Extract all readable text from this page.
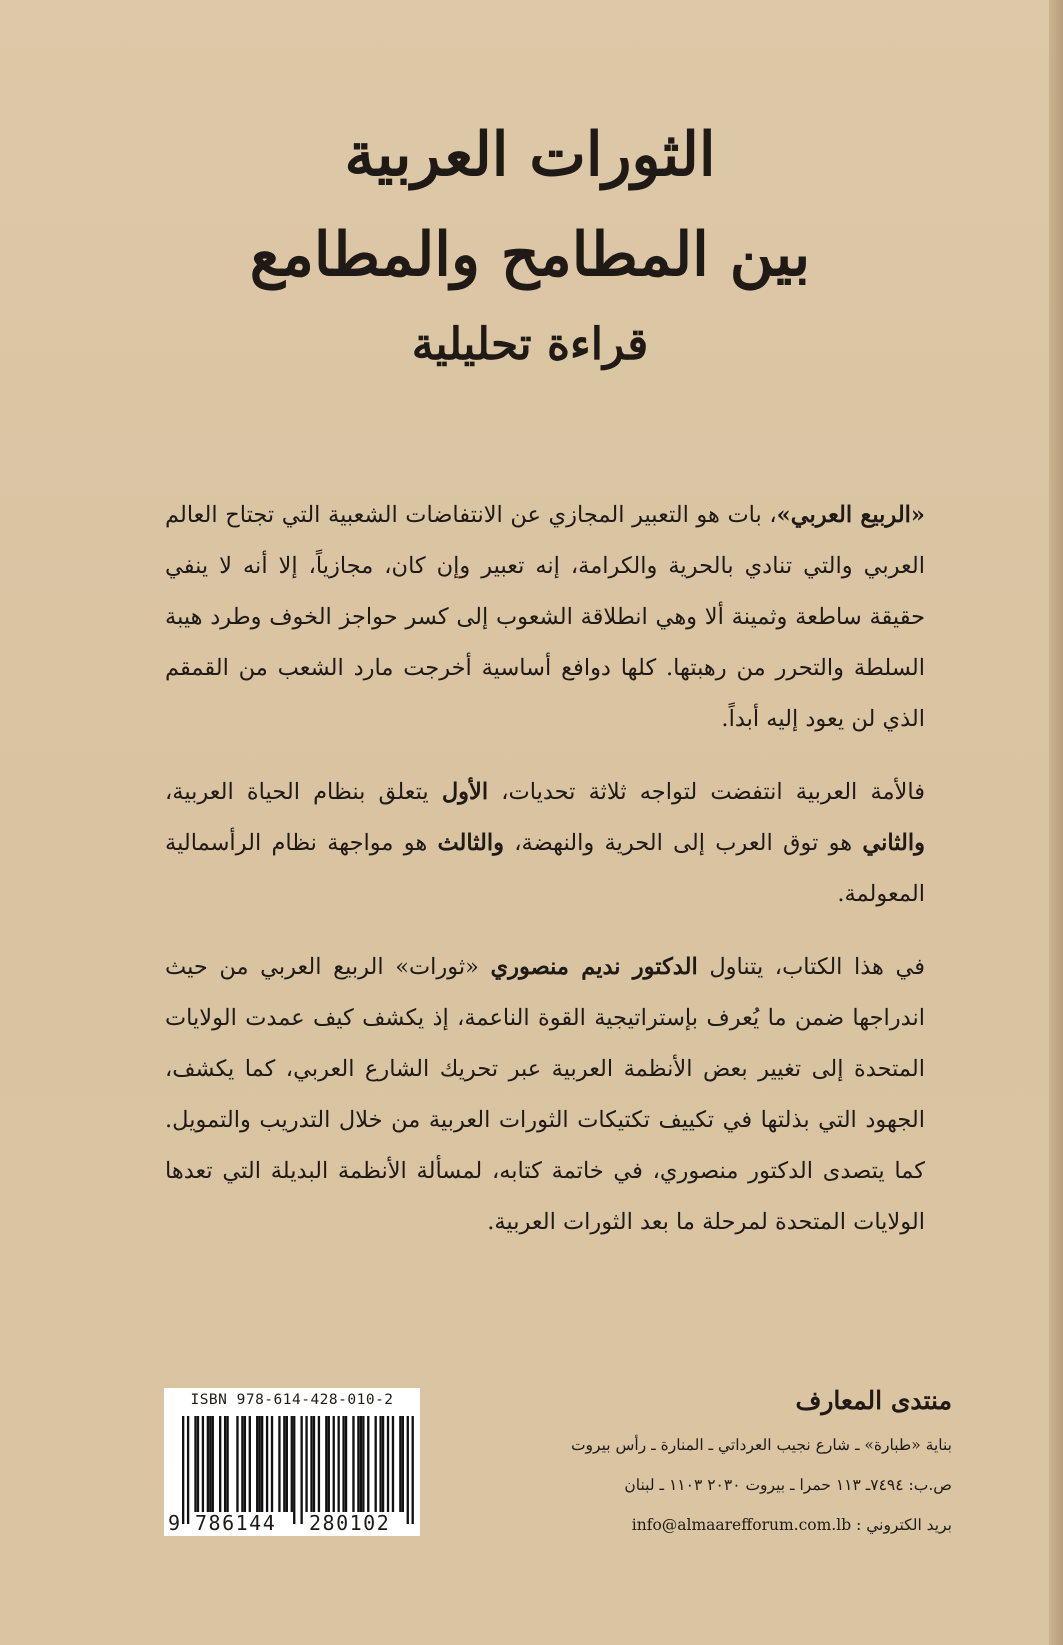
الثورات العربية

بين المطامح والمطامع

قراءة تحليلية

«الربيع العربي»، بات هو التعبير المجازي عن الانتفاضات الشعبية التي تجتاح العالم العربي والتي تنادي بالحرية والكرامة، إنه تعبير وإن كان، مجازياً، إلا أنه لا ينفي حقيقة ساطعة وثمينة ألا وهي انطلاقة الشعوب إلى كسر حواجز الخوف وطرد هيبة السلطة والتحرر من رهبتها. كلها دوافع أساسية أخرجت مارد الشعب من القمقم الذي لن يعود إليه أبداً.

فالأمة العربية انتفضت لتواجه ثلاثة تحديات، الأول يتعلق بنظام الحياة العربية، والثاني هو توق العرب إلى الحرية والنهضة، والثالث هو مواجهة نظام الرأسمالية المعولمة.

في هذا الكتاب، يتناول الدكتور نديم منصوري «ثورات» الربيع العربي من حيث اندراجها ضمن ما يُعرف بإستراتيجية القوة الناعمة، إذ يكشف كيف عمدت الولايات المتحدة إلى تغيير بعض الأنظمة العربية عبر تحريك الشارع العربي، كما يكشف، الجهود التي بذلتها في تكييف تكتيكات الثورات العربية من خلال التدريب والتمويل. كما يتصدى الدكتور منصوري، في خاتمة كتابه، لمسألة الأنظمة البديلة التي تعدها الولايات المتحدة لمرحلة ما بعد الثورات العربية.

منتدى المعارف

بناية «طبارة» ـ شارع نجيب العرداتي ـ المنارة ـ رأس بيروت

ص.ب: ٧٤٩٤ـ ١١٣ حمرا ـ بيروت ٢٠٣٠ ١١٠٣ ـ لبنان

بريد الكتروني : info@almaarefforum.com.lb

ISBN 978-614-428-010-2
9 786144 280102
